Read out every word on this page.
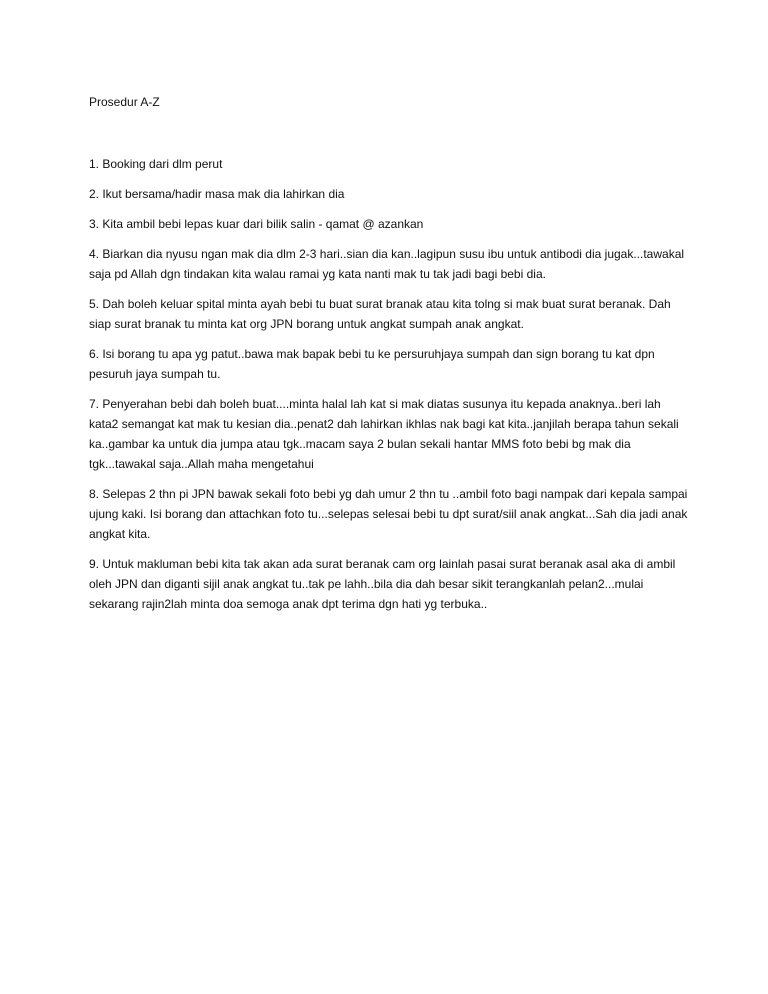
Prosedur A-Z
1. Booking dari dlm perut
2. Ikut bersama/hadir masa mak dia lahirkan dia
3. Kita ambil bebi lepas kuar dari bilik salin - qamat @ azankan
4. Biarkan dia nyusu ngan mak dia dlm 2-3 hari..sian dia kan..lagipun susu ibu untuk antibodi dia jugak...tawakal saja pd Allah dgn tindakan kita walau ramai yg kata nanti mak tu tak jadi bagi bebi dia.
5. Dah boleh keluar spital minta ayah bebi tu buat surat branak atau kita tolng si mak buat surat beranak. Dah siap surat branak tu minta kat org JPN borang untuk angkat sumpah anak angkat.
6. Isi borang tu apa yg patut..bawa mak bapak bebi tu ke persuruhjaya sumpah dan sign borang tu kat dpn pesuruh jaya sumpah tu.
7. Penyerahan bebi dah boleh buat....minta halal lah kat si mak diatas susunya itu kepada anaknya..beri lah kata2 semangat kat mak tu kesian dia..penat2 dah lahirkan ikhlas nak bagi kat kita..janjilah berapa tahun sekali ka..gambar ka untuk dia jumpa atau tgk..macam saya 2 bulan sekali hantar MMS foto bebi bg mak dia tgk...tawakal saja..Allah maha mengetahui
8. Selepas 2 thn pi JPN bawak sekali foto bebi yg dah umur 2 thn tu ..ambil foto bagi nampak dari kepala sampai ujung kaki. Isi borang dan attachkan foto tu...selepas selesai bebi tu dpt surat/siil anak angkat...Sah dia jadi anak angkat kita.
9. Untuk makluman bebi kita tak akan ada surat beranak cam org lainlah pasai surat beranak asal aka di ambil oleh JPN dan diganti sijil anak angkat tu..tak pe lahh..bila dia dah besar sikit terangkanlah pelan2...mulai sekarang rajin2lah minta doa semoga anak dpt terima dgn hati yg terbuka..
